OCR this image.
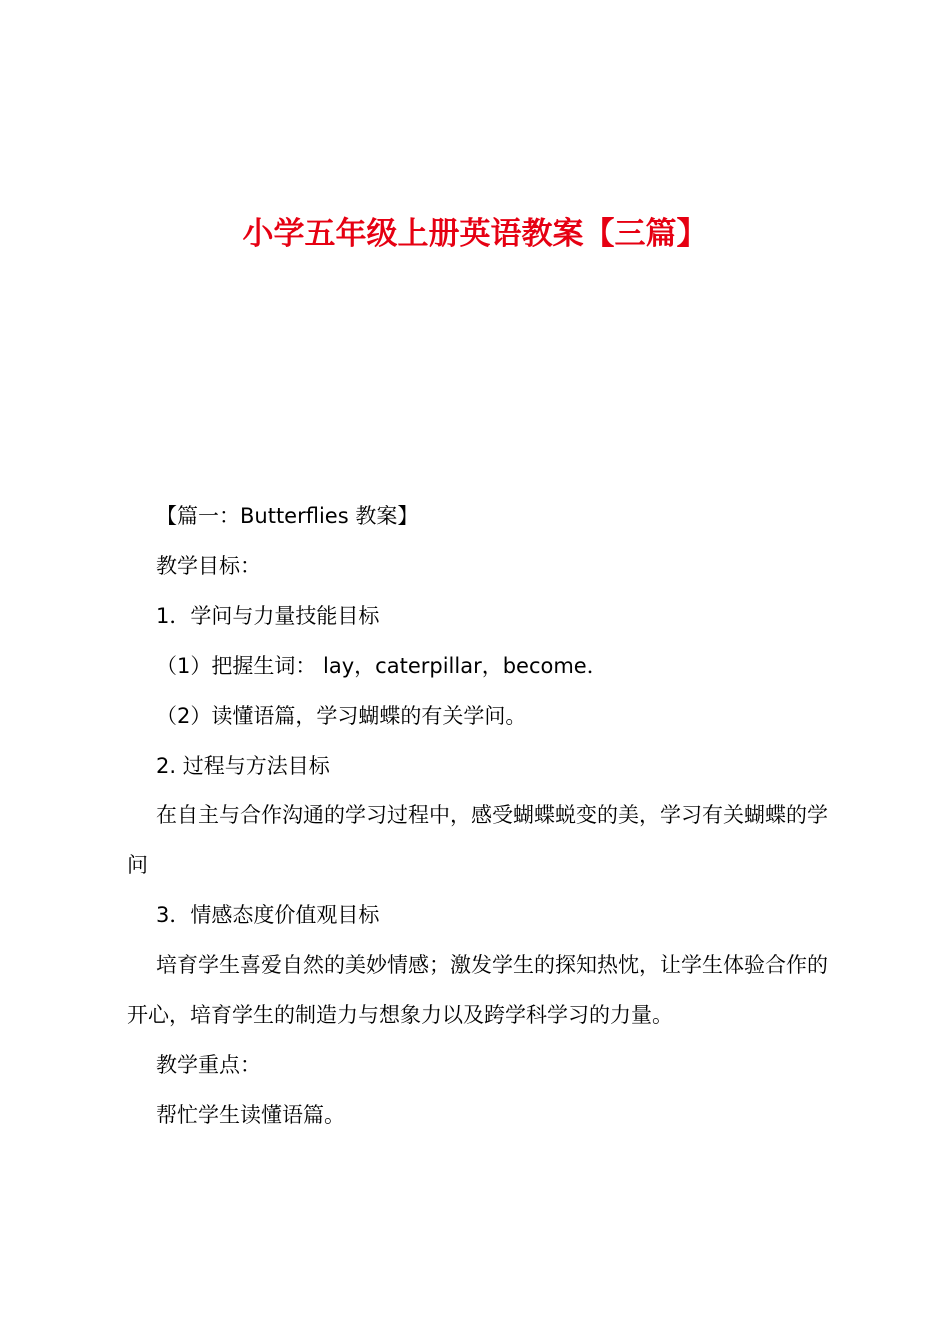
小学五年级上册英语教案【三篇】

【篇一：Butterflies 教案】

教学目标：

1．学问与力量技能目标

（1）把握生词： lay，caterpillar，become．

（2）读懂语篇，学习蝴蝶的有关学问。

2. 过程与方法目标

在自主与合作沟通的学习过程中，感受蝴蝶蜕变的美，学习有关蝴蝶的学问

3．情感态度价值观目标

培育学生喜爱自然的美妙情感；激发学生的探知热忱，让学生体验合作的开心，培育学生的制造力与想象力以及跨学科学习的力量。

教学重点：

帮忙学生读懂语篇。
